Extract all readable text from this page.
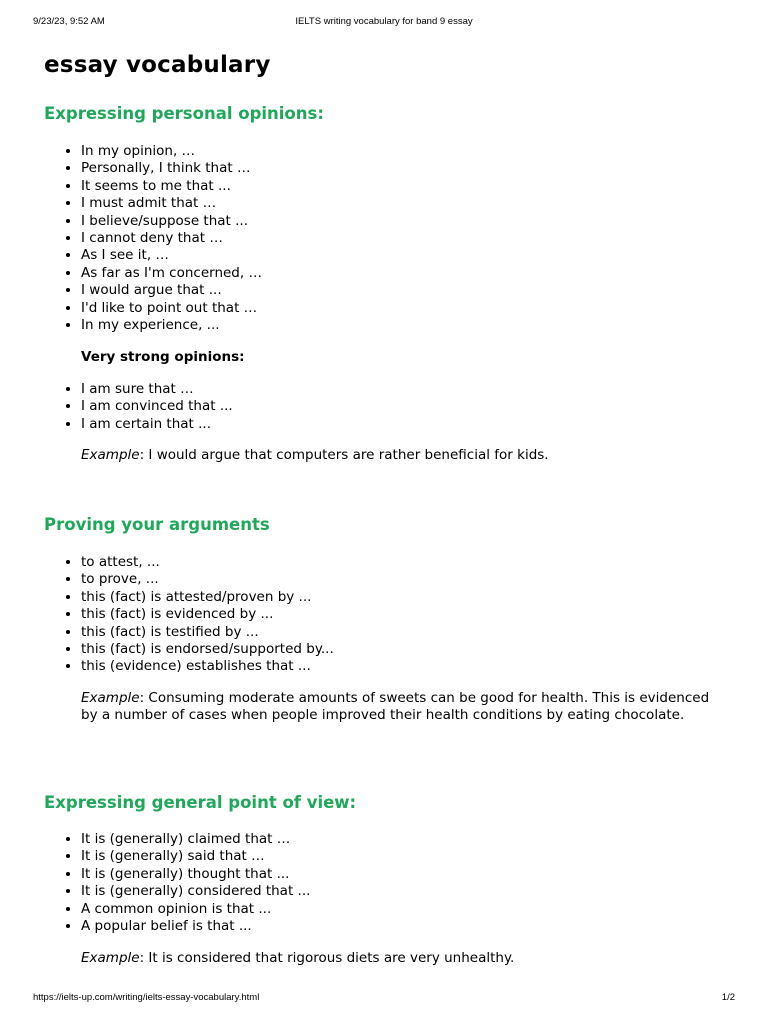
9/23/23, 9:52 AM	IELTS writing vocabulary for band 9 essay
essay vocabulary
Expressing personal opinions:
• In my opinion, …
• Personally, I think that …
• It seems to me that ...
• I must admit that …
• I believe/suppose that ...
• I cannot deny that …
• As I see it, …
• As far as I'm concerned, …
• I would argue that ...
• I'd like to point out that …
• In my experience, ...

Very strong opinions:

• I am sure that …
• I am convinced that ...
• I am certain that ...

Example: I would argue that computers are rather beneficial for kids.

Proving your arguments
• to attest, ...
• to prove, ...
• this (fact) is attested/proven by ...
• this (fact) is evidenced by ...
• this (fact) is testified by ...
• this (fact) is endorsed/supported by...
• this (evidence) establishes that ...

Example: Consuming moderate amounts of sweets can be good for health. This is evidenced by a number of cases when people improved their health conditions by eating chocolate.

Expressing general point of view:
• It is (generally) claimed that …
• It is (generally) said that …
• It is (generally) thought that ...
• It is (generally) considered that ...
• A common opinion is that ...
• A popular belief is that ...

Example: It is considered that rigorous diets are very unhealthy.

https://ielts-up.com/writing/ielts-essay-vocabulary.html	1/2
